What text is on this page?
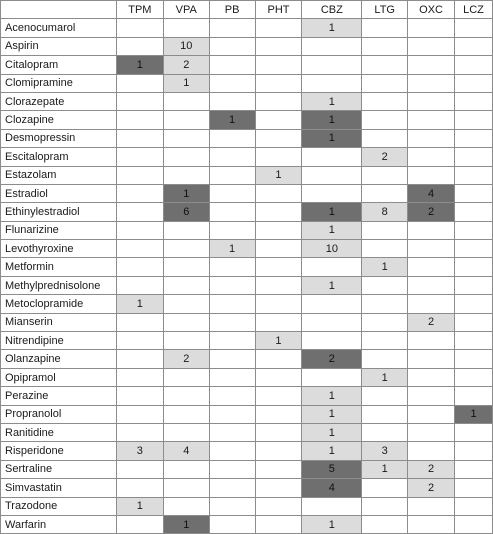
	TPM	VPA	PB	PHT	CBZ	LTG	OXC	LCZ
Acenocumarol					1			
Aspirin		10						
Citalopram	1	2						
Clomipramine		1						
Clorazepate					1			
Clozapine			1		1			
Desmopressin					1			
Escitalopram						2		
Estazolam				1				
Estradiol		1					4	
Ethinylestradiol		6			1	8	2	
Flunarizine					1			
Levothyroxine			1		10			
Metformin						1		
Methylprednisolone					1			
Metoclopramide	1							
Mianserin							2	
Nitrendipine				1				
Olanzapine		2			2			
Opipramol						1		
Perazine					1			
Propranolol					1			1
Ranitidine					1			
Risperidone	3	4			1	3		
Sertraline					5	1	2	
Simvastatin					4		2	
Trazodone	1							
Warfarin		1			1			
